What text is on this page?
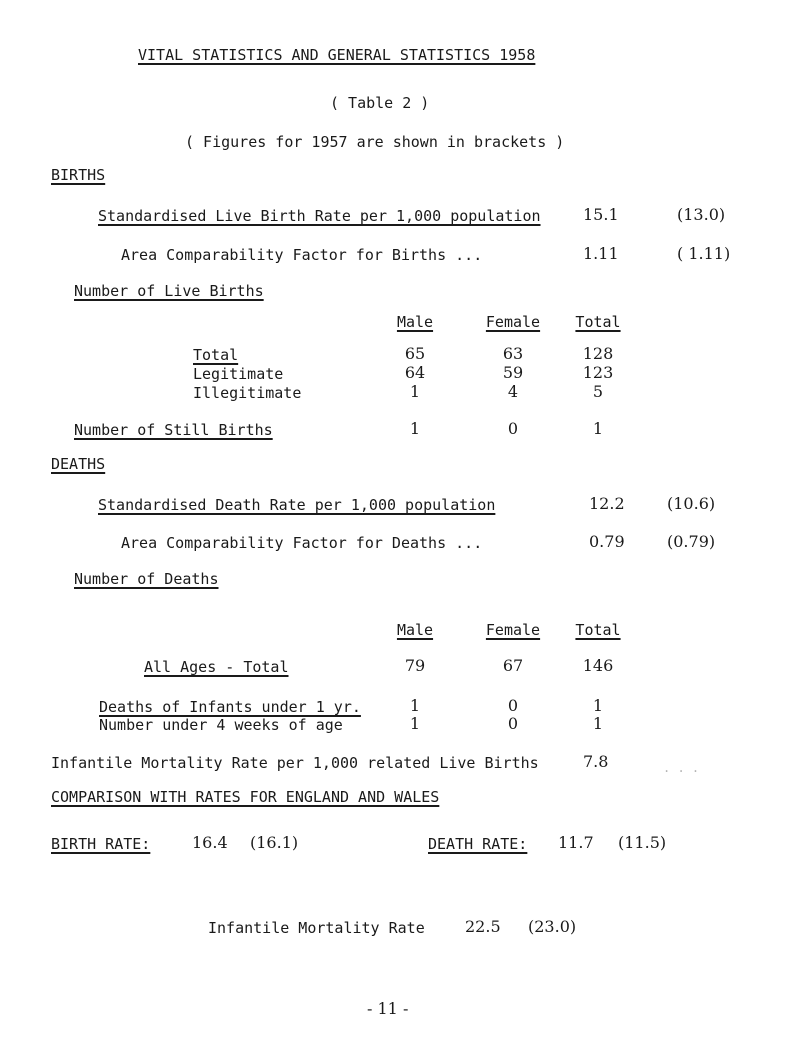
VITAL STATISTICS AND GENERAL STATISTICS 1958
( Table 2 )
( Figures for 1957 are shown in brackets )
BIRTHS
Standardised Live Birth Rate per 1,000 population	15.1	(13.0)
Area Comparability Factor for Births ...	1.11	( 1.11)
Number of Live Births
Male	Female	Total
Total	65	63	128
Legitimate	64	59	123
Illegitimate	1	4	5
Number of Still Births	1	0	1
DEATHS
Standardised Death Rate per 1,000 population	12.2	(10.6)
Area Comparability Factor for Deaths ...	0.79	(0.79)
Number of Deaths
Male	Female	Total
All Ages - Total	79	67	146
Deaths of Infants under 1 yr.	1	0	1
Number under 4 weeks of age	1	0	1
Infantile Mortality Rate per 1,000 related Live Births	7.8	. . .
COMPARISON WITH RATES FOR ENGLAND AND WALES
BIRTH RATE:	16.4 (16.1)	DEATH RATE: 11.7 (11.5)
Infantile Mortality Rate	22.5 (23.0)
- 11 -
